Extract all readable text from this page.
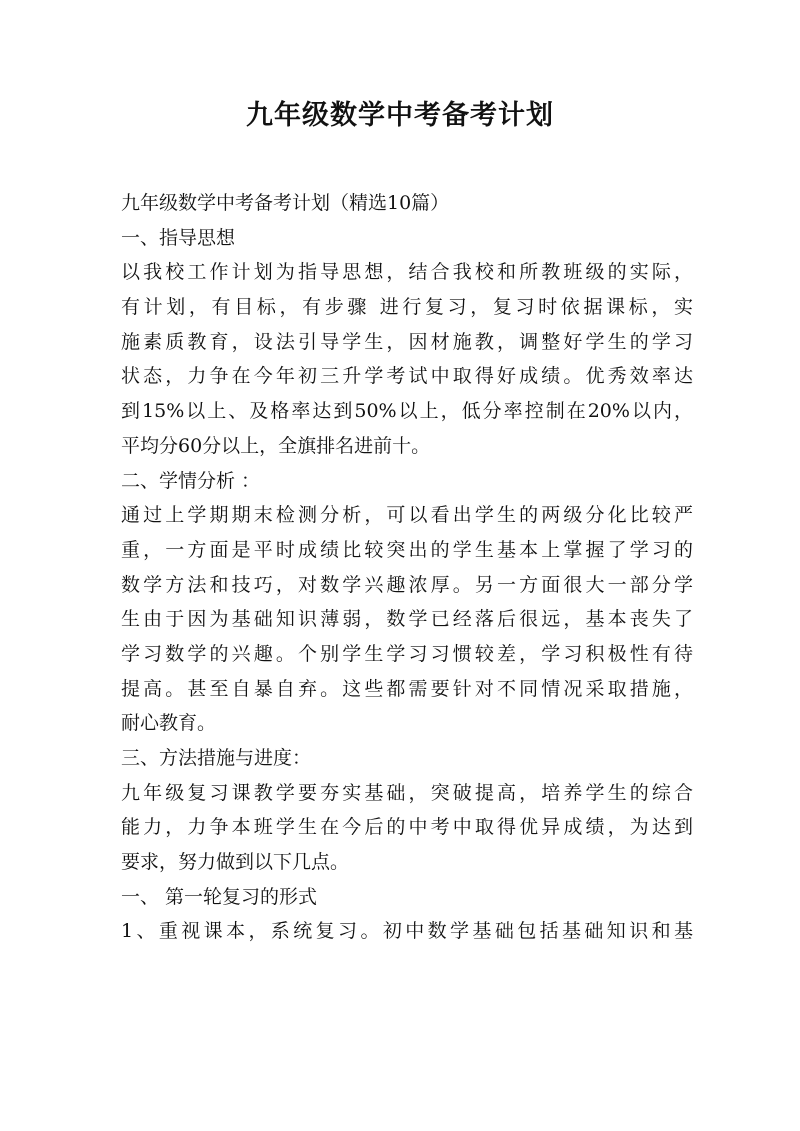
九年级数学中考备考计划
九年级数学中考备考计划（精选10篇）
一、指导思想
以我校工作计划为指导思想，结合我校和所教班级的实际，
有计划，有目标，有步骤 进行复习，复习时依据课标，实
施素质教育，设法引导学生，因材施教，调整好学生的学习
状态，力争在今年初三升学考试中取得好成绩。优秀效率达
到15%以上、及格率达到50%以上，低分率控制在20%以内，
平均分60分以上，全旗排名进前十。
二、学情分析 ：
通过上学期期末检测分析，可以看出学生的两级分化比较严
重，一方面是平时成绩比较突出的学生基本上掌握了学习的
数学方法和技巧，对数学兴趣浓厚。另一方面很大一部分学
生由于因为基础知识薄弱，数学已经落后很远，基本丧失了
学习数学的兴趣。个别学生学习习惯较差，学习积极性有待
提高。甚至自暴自弃。这些都需要针对不同情况采取措施，
耐心教育。
三、方法措施与进度：
九年级复习课教学要夯实基础，突破提高，培养学生的综合
能力，力争本班学生在今后的中考中取得优异成绩，为达到
要求，努力做到以下几点。
一、 第一轮复习的形式
1、重视课本，系统复习。初中数学基础包括基础知识和基
